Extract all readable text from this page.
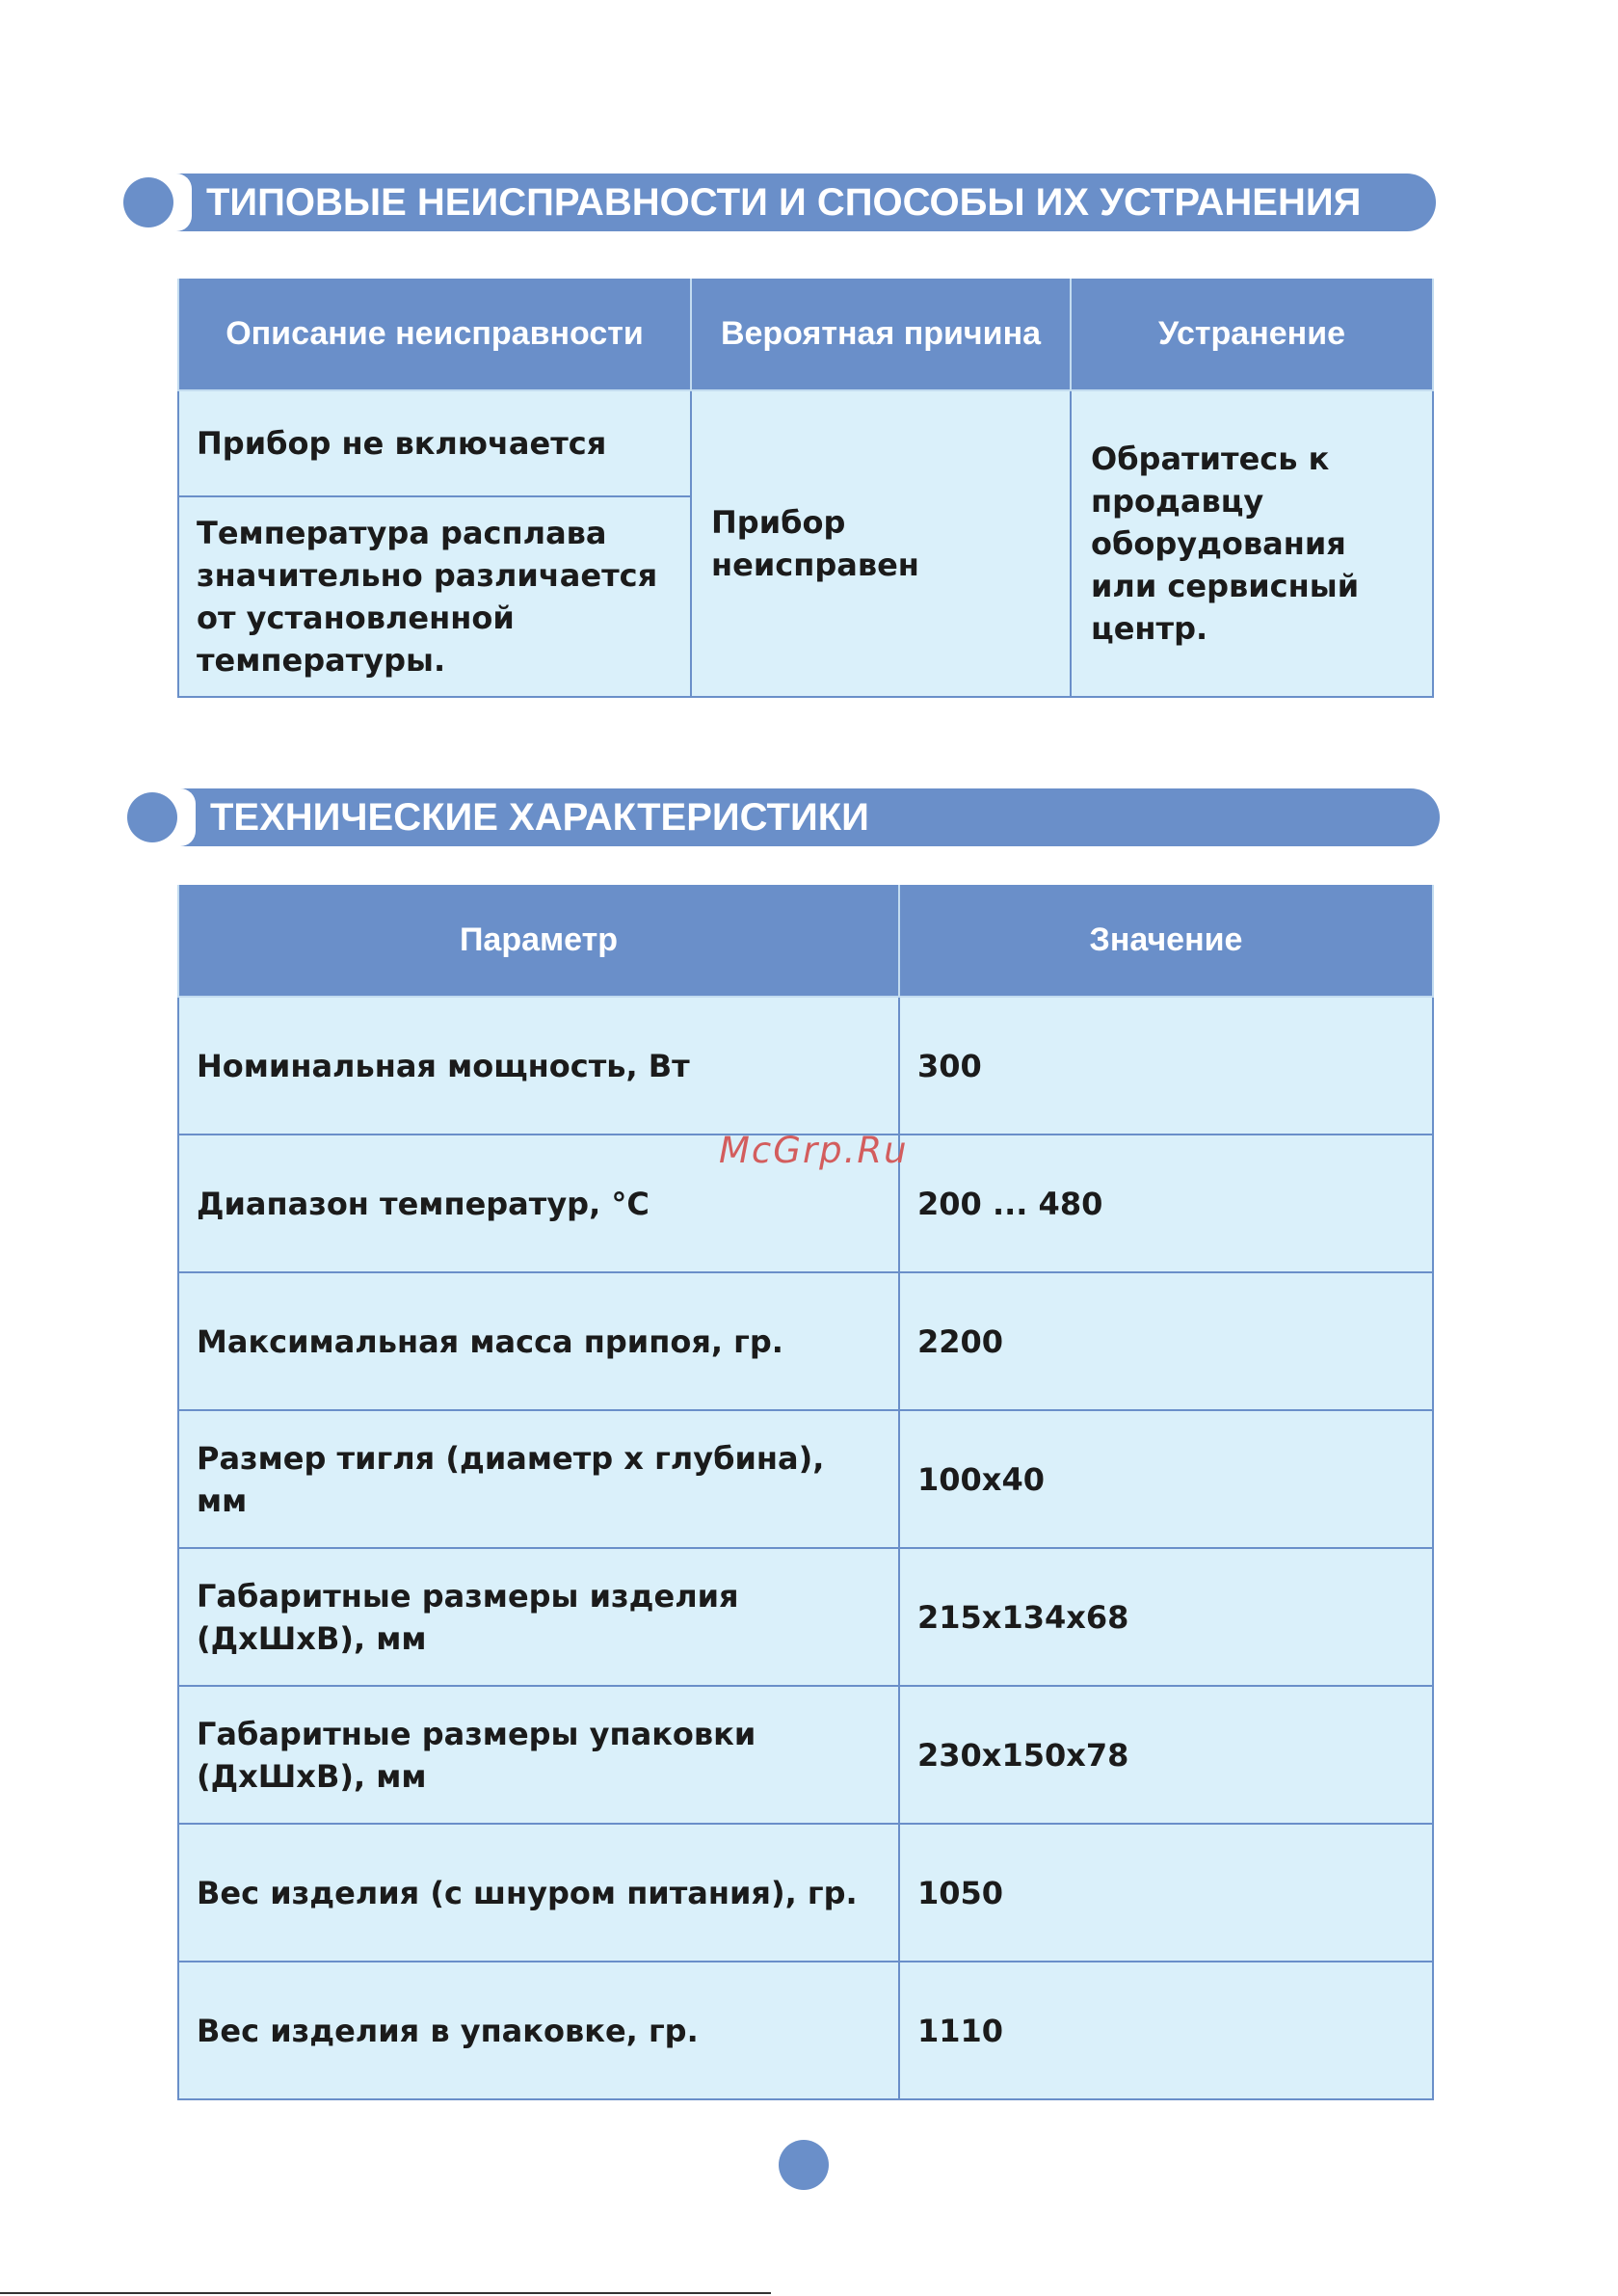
ТИПОВЫЕ НЕИСПРАВНОСТИ И СПОСОБЫ ИХ УСТРАНЕНИЯ
Описание неисправности	Вероятная причина	Устранение
Прибор не включается	Прибор неисправен	Обратитесь к продавцу оборудования или сервисный центр.
Температура расплава значительно различается от установленной температуры.		
ТЕХНИЧЕСКИЕ ХАРАКТЕРИСТИКИ
Параметр	Значение
Номинальная мощность, Вт	300
Диапазон температур, °С	200 ... 480
Максимальная масса припоя, гр.	2200
Размер тигля (диаметр х глубина), мм	100х40
Габаритные размеры изделия (ДхШхВ), мм	215х134х68
Габаритные размеры упаковки (ДхШхВ), мм	230х150х78
Вес изделия (с шнуром питания), гр.	1050
Вес изделия в упаковке, гр.	1110
McGrp.Ru
